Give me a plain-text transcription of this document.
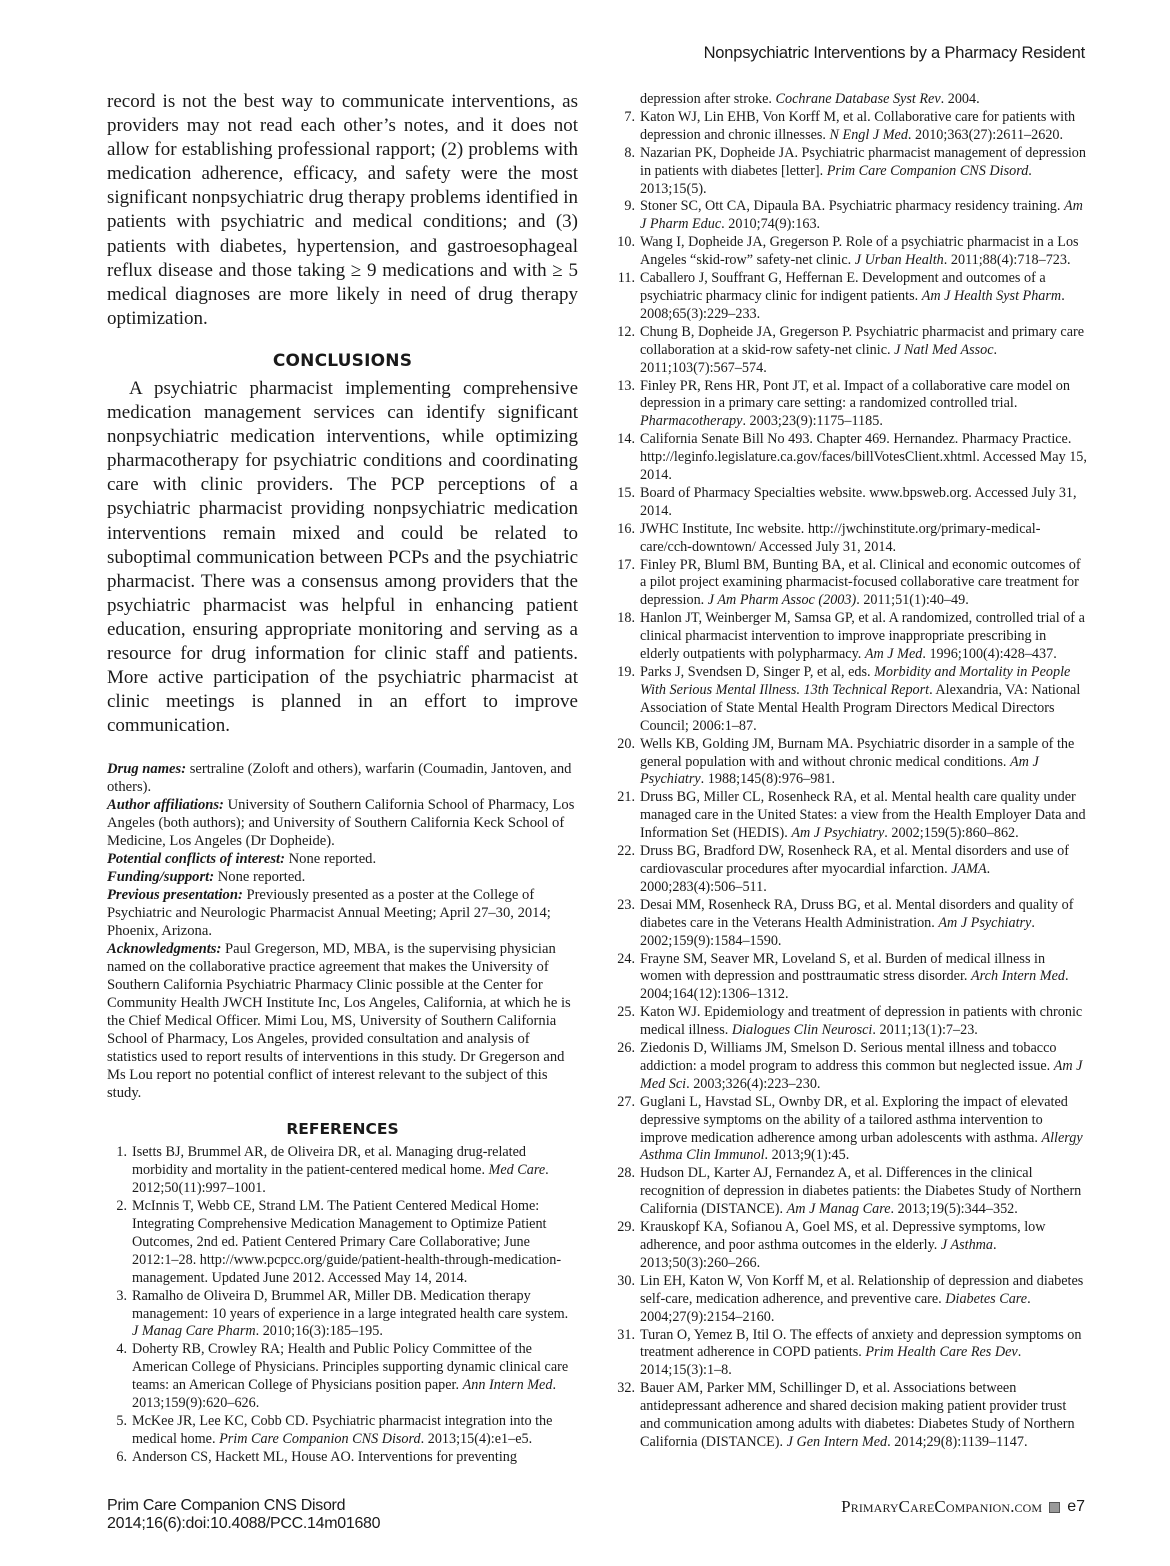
Nonpsychiatric Interventions by a Pharmacy Resident

record is not the best way to communicate interventions, as providers may not read each other’s notes, and it does not allow for establishing professional rapport; (2) problems with medication adherence, efficacy, and safety were the most significant nonpsychiatric drug therapy problems identified in patients with psychiatric and medical conditions; and (3) patients with diabetes, hypertension, and gastroesophageal reflux disease and those taking ≥ 9 medications and with ≥ 5 medical diagnoses are more likely in need of drug therapy optimization.

CONCLUSIONS

A psychiatric pharmacist implementing comprehensive medication management services can identify significant nonpsychiatric medication interventions, while optimizing pharmacotherapy for psychiatric conditions and coordinating care with clinic providers. The PCP perceptions of a psychiatric pharmacist providing nonpsychiatric medication interventions remain mixed and could be related to suboptimal communication between PCPs and the psychiatric pharmacist. There was a consensus among providers that the psychiatric pharmacist was helpful in enhancing patient education, ensuring appropriate monitoring and serving as a resource for drug information for clinic staff and patients. More active participation of the psychiatric pharmacist at clinic meetings is planned in an effort to improve communication.

Drug names: sertraline (Zoloft and others), warfarin (Coumadin, Jantoven, and others).

Author affiliations: University of Southern California School of Pharmacy, Los Angeles (both authors); and University of Southern California Keck School of Medicine, Los Angeles (Dr Dopheide).

Potential conflicts of interest: None reported.

Funding/support: None reported.

Previous presentation: Previously presented as a poster at the College of Psychiatric and Neurologic Pharmacist Annual Meeting; April 27–30, 2014; Phoenix, Arizona.

Acknowledgments: Paul Gregerson, MD, MBA, is the supervising physician named on the collaborative practice agreement that makes the University of Southern California Psychiatric Pharmacy Clinic possible at the Center for Community Health JWCH Institute Inc, Los Angeles, California, at which he is the Chief Medical Officer. Mimi Lou, MS, University of Southern California School of Pharmacy, Los Angeles, provided consultation and analysis of statistics used to report results of interventions in this study. Dr Gregerson and Ms Lou report no potential conflict of interest relevant to the subject of this study.

REFERENCES
1. Isetts BJ, Brummel AR, de Oliveira DR, et al. Managing drug-related morbidity and mortality in the patient-centered medical home. Med Care. 2012;50(11):997–1001.
2. McInnis T, Webb CE, Strand LM. The Patient Centered Medical Home: Integrating Comprehensive Medication Management to Optimize Patient Outcomes, 2nd ed. Patient Centered Primary Care Collaborative; June 2012:1–28. http://www.pcpcc.org/guide/patient-health-through-medication-management. Updated June 2012. Accessed May 14, 2014.
3. Ramalho de Oliveira D, Brummel AR, Miller DB. Medication therapy management: 10 years of experience in a large integrated health care system. J Manag Care Pharm. 2010;16(3):185–195.
4. Doherty RB, Crowley RA; Health and Public Policy Committee of the American College of Physicians. Principles supporting dynamic clinical care teams: an American College of Physicians position paper. Ann Intern Med. 2013;159(9):620–626.
5. McKee JR, Lee KC, Cobb CD. Psychiatric pharmacist integration into the medical home. Prim Care Companion CNS Disord. 2013;15(4):e1–e5.
6. Anderson CS, Hackett ML, House AO. Interventions for preventing
depression after stroke. Cochrane Database Syst Rev. 2004.
7. Katon WJ, Lin EHB, Von Korff M, et al. Collaborative care for patients with depression and chronic illnesses. N Engl J Med. 2010;363(27):2611–2620.
8. Nazarian PK, Dopheide JA. Psychiatric pharmacist management of depression in patients with diabetes [letter]. Prim Care Companion CNS Disord. 2013;15(5).
9. Stoner SC, Ott CA, Dipaula BA. Psychiatric pharmacy residency training. Am J Pharm Educ. 2010;74(9):163.
10. Wang I, Dopheide JA, Gregerson P. Role of a psychiatric pharmacist in a Los Angeles “skid-row” safety-net clinic. J Urban Health. 2011;88(4):718–723.
11. Caballero J, Souffrant G, Heffernan E. Development and outcomes of a psychiatric pharmacy clinic for indigent patients. Am J Health Syst Pharm. 2008;65(3):229–233.
12. Chung B, Dopheide JA, Gregerson P. Psychiatric pharmacist and primary care collaboration at a skid-row safety-net clinic. J Natl Med Assoc. 2011;103(7):567–574.
13. Finley PR, Rens HR, Pont JT, et al. Impact of a collaborative care model on depression in a primary care setting: a randomized controlled trial. Pharmacotherapy. 2003;23(9):1175–1185.
14. California Senate Bill No 493. Chapter 469. Hernandez. Pharmacy Practice. http://leginfo.legislature.ca.gov/faces/billVotesClient.xhtml. Accessed May 15, 2014.
15. Board of Pharmacy Specialties website. www.bpsweb.org. Accessed July 31, 2014.
16. JWHC Institute, Inc website. http://jwchinstitute.org/primary-medical-care/cch-downtown/ Accessed July 31, 2014.
17. Finley PR, Bluml BM, Bunting BA, et al. Clinical and economic outcomes of a pilot project examining pharmacist-focused collaborative care treatment for depression. J Am Pharm Assoc (2003). 2011;51(1):40–49.
18. Hanlon JT, Weinberger M, Samsa GP, et al. A randomized, controlled trial of a clinical pharmacist intervention to improve inappropriate prescribing in elderly outpatients with polypharmacy. Am J Med. 1996;100(4):428–437.
19. Parks J, Svendsen D, Singer P, et al, eds. Morbidity and Mortality in People With Serious Mental Illness. 13th Technical Report. Alexandria, VA: National Association of State Mental Health Program Directors Medical Directors Council; 2006:1–87.
20. Wells KB, Golding JM, Burnam MA. Psychiatric disorder in a sample of the general population with and without chronic medical conditions. Am J Psychiatry. 1988;145(8):976–981.
21. Druss BG, Miller CL, Rosenheck RA, et al. Mental health care quality under managed care in the United States: a view from the Health Employer Data and Information Set (HEDIS). Am J Psychiatry. 2002;159(5):860–862.
22. Druss BG, Bradford DW, Rosenheck RA, et al. Mental disorders and use of cardiovascular procedures after myocardial infarction. JAMA. 2000;283(4):506–511.
23. Desai MM, Rosenheck RA, Druss BG, et al. Mental disorders and quality of diabetes care in the Veterans Health Administration. Am J Psychiatry. 2002;159(9):1584–1590.
24. Frayne SM, Seaver MR, Loveland S, et al. Burden of medical illness in women with depression and posttraumatic stress disorder. Arch Intern Med. 2004;164(12):1306–1312.
25. Katon WJ. Epidemiology and treatment of depression in patients with chronic medical illness. Dialogues Clin Neurosci. 2011;13(1):7–23.
26. Ziedonis D, Williams JM, Smelson D. Serious mental illness and tobacco addiction: a model program to address this common but neglected issue. Am J Med Sci. 2003;326(4):223–230.
27. Guglani L, Havstad SL, Ownby DR, et al. Exploring the impact of elevated depressive symptoms on the ability of a tailored asthma intervention to improve medication adherence among urban adolescents with asthma. Allergy Asthma Clin Immunol. 2013;9(1):45.
28. Hudson DL, Karter AJ, Fernandez A, et al. Differences in the clinical recognition of depression in diabetes patients: the Diabetes Study of Northern California (DISTANCE). Am J Manag Care. 2013;19(5):344–352.
29. Krauskopf KA, Sofianou A, Goel MS, et al. Depressive symptoms, low adherence, and poor asthma outcomes in the elderly. J Asthma. 2013;50(3):260–266.
30. Lin EH, Katon W, Von Korff M, et al. Relationship of depression and diabetes self-care, medication adherence, and preventive care. Diabetes Care. 2004;27(9):2154–2160.
31. Turan O, Yemez B, Itil O. The effects of anxiety and depression symptoms on treatment adherence in COPD patients. Prim Health Care Res Dev. 2014;15(3):1–8.
32. Bauer AM, Parker MM, Schillinger D, et al. Associations between antidepressant adherence and shared decision making patient provider trust and communication among adults with diabetes: Diabetes Study of Northern California (DISTANCE). J Gen Intern Med. 2014;29(8):1139–1147.
Prim Care Companion CNS Disord
2014;16(6):doi:10.4088/PCC.14m01680
PrimaryCareCompanion.com e7
